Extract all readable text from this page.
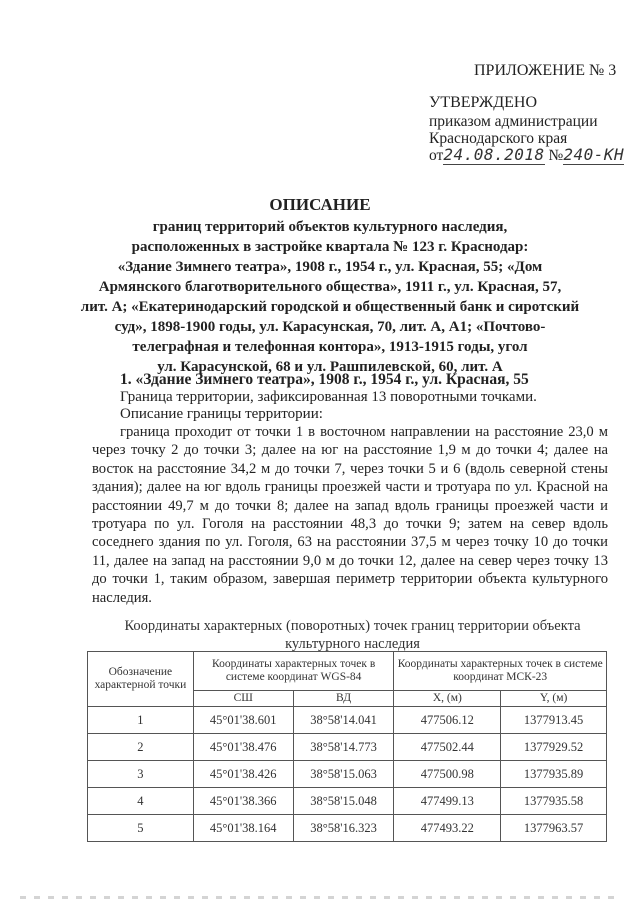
ПРИЛОЖЕНИЕ № 3
УТВЕРЖДЕНО
приказом администрации
Краснодарского края
от24.08.2018 №240-КН
ОПИСАНИЕ
границ территорий объектов культурного наследия,
расположенных в застройке квартала № 123 г. Краснодар:
«Здание Зимнего театра», 1908 г., 1954 г., ул. Красная, 55; «Дом
Армянского благотворительного общества», 1911 г., ул. Красная, 57,
лит. А; «Екатеринодарский городской и общественный банк и сиротский
суд», 1898-1900 годы, ул. Карасунская, 70, лит. А, А1; «Почтово-
телеграфная и телефонная контора», 1913-1915 годы, угол
ул. Карасунской, 68 и ул. Рашпилевской, 60, лит. А
1. «Здание Зимнего театра», 1908 г., 1954 г., ул. Красная, 55
Граница территории, зафиксированная 13 поворотными точками.
Описание границы территории:
граница проходит от точки 1 в восточном направлении на расстояние 23,0 м через точку 2 до точки 3; далее на юг на расстояние 1,9 м до точки 4; далее на восток на расстояние 34,2 м до точки 7, через точки 5 и 6 (вдоль северной стены здания); далее на юг вдоль границы проезжей части и тротуара по ул. Красной на расстоянии 49,7 м до точки 8; далее на запад вдоль границы проезжей части и тротуара по ул. Гоголя на расстоянии 48,3 до точки 9; затем на север вдоль соседнего здания по ул. Гоголя, 63 на расстоянии 37,5 м через точку 10 до точки 11, далее на запад на расстоянии 9,0 м до точки 12, далее на север через точку 13 до точки 1, таким образом, завершая периметр территории объекта культурного наследия.
Координаты характерных (поворотных) точек границ территории объекта
культурного наследия
Обозначение характерной точки	Координаты характерных точек в системе координат WGS-84		Координаты характерных точек в системе координат МСК-23	
	СШ	ВД	X, (м)	Y, (м)
1	45°01'38.601	38°58'14.041	477506.12	1377913.45
2	45°01'38.476	38°58'14.773	477502.44	1377929.52
3	45°01'38.426	38°58'15.063	477500.98	1377935.89
4	45°01'38.366	38°58'15.048	477499.13	1377935.58
5	45°01'38.164	38°58'16.323	477493.22	1377963.57
